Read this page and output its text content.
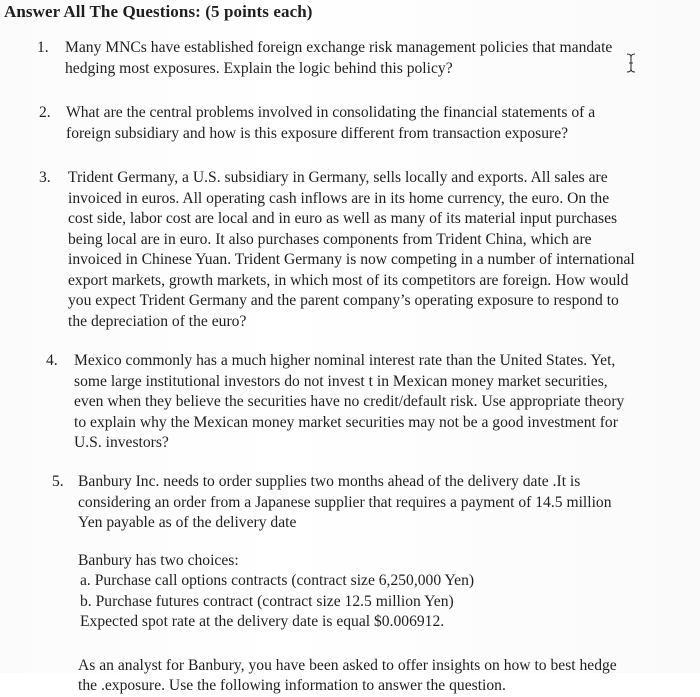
Answer All The Questions: (5 points each)
1. Many MNCs have established foreign exchange risk management policies that mandate
hedging most exposures. Explain the logic behind this policy?
2. What are the central problems involved in consolidating the financial statements of a
foreign subsidiary and how is this exposure different from transaction exposure?
3. Trident Germany, a U.S. subsidiary in Germany, sells locally and exports. All sales are
invoiced in euros. All operating cash inflows are in its home currency, the euro. On the
cost side, labor cost are local and in euro as well as many of its material input purchases
being local are in euro. It also purchases components from Trident China, which are
invoiced in Chinese Yuan. Trident Germany is now competing in a number of international
export markets, growth markets, in which most of its competitors are foreign. How would
you expect Trident Germany and the parent company’s operating exposure to respond to
the depreciation of the euro?
4. Mexico commonly has a much higher nominal interest rate than the United States. Yet,
some large institutional investors do not invest t in Mexican money market securities,
even when they believe the securities have no credit/default risk. Use appropriate theory
to explain why the Mexican money market securities may not be a good investment for
U.S. investors?
5. Banbury Inc. needs to order supplies two months ahead of the delivery date .It is
considering an order from a Japanese supplier that requires a payment of 14.5 million
Yen payable as of the delivery date
Banbury has two choices:
a. Purchase call options contracts (contract size 6,250,000 Yen)
b. Purchase futures contract (contract size 12.5 million Yen)
Expected spot rate at the delivery date is equal $0.006912.
As an analyst for Banbury, you have been asked to offer insights on how to best hedge
the .exposure. Use the following information to answer the question.
